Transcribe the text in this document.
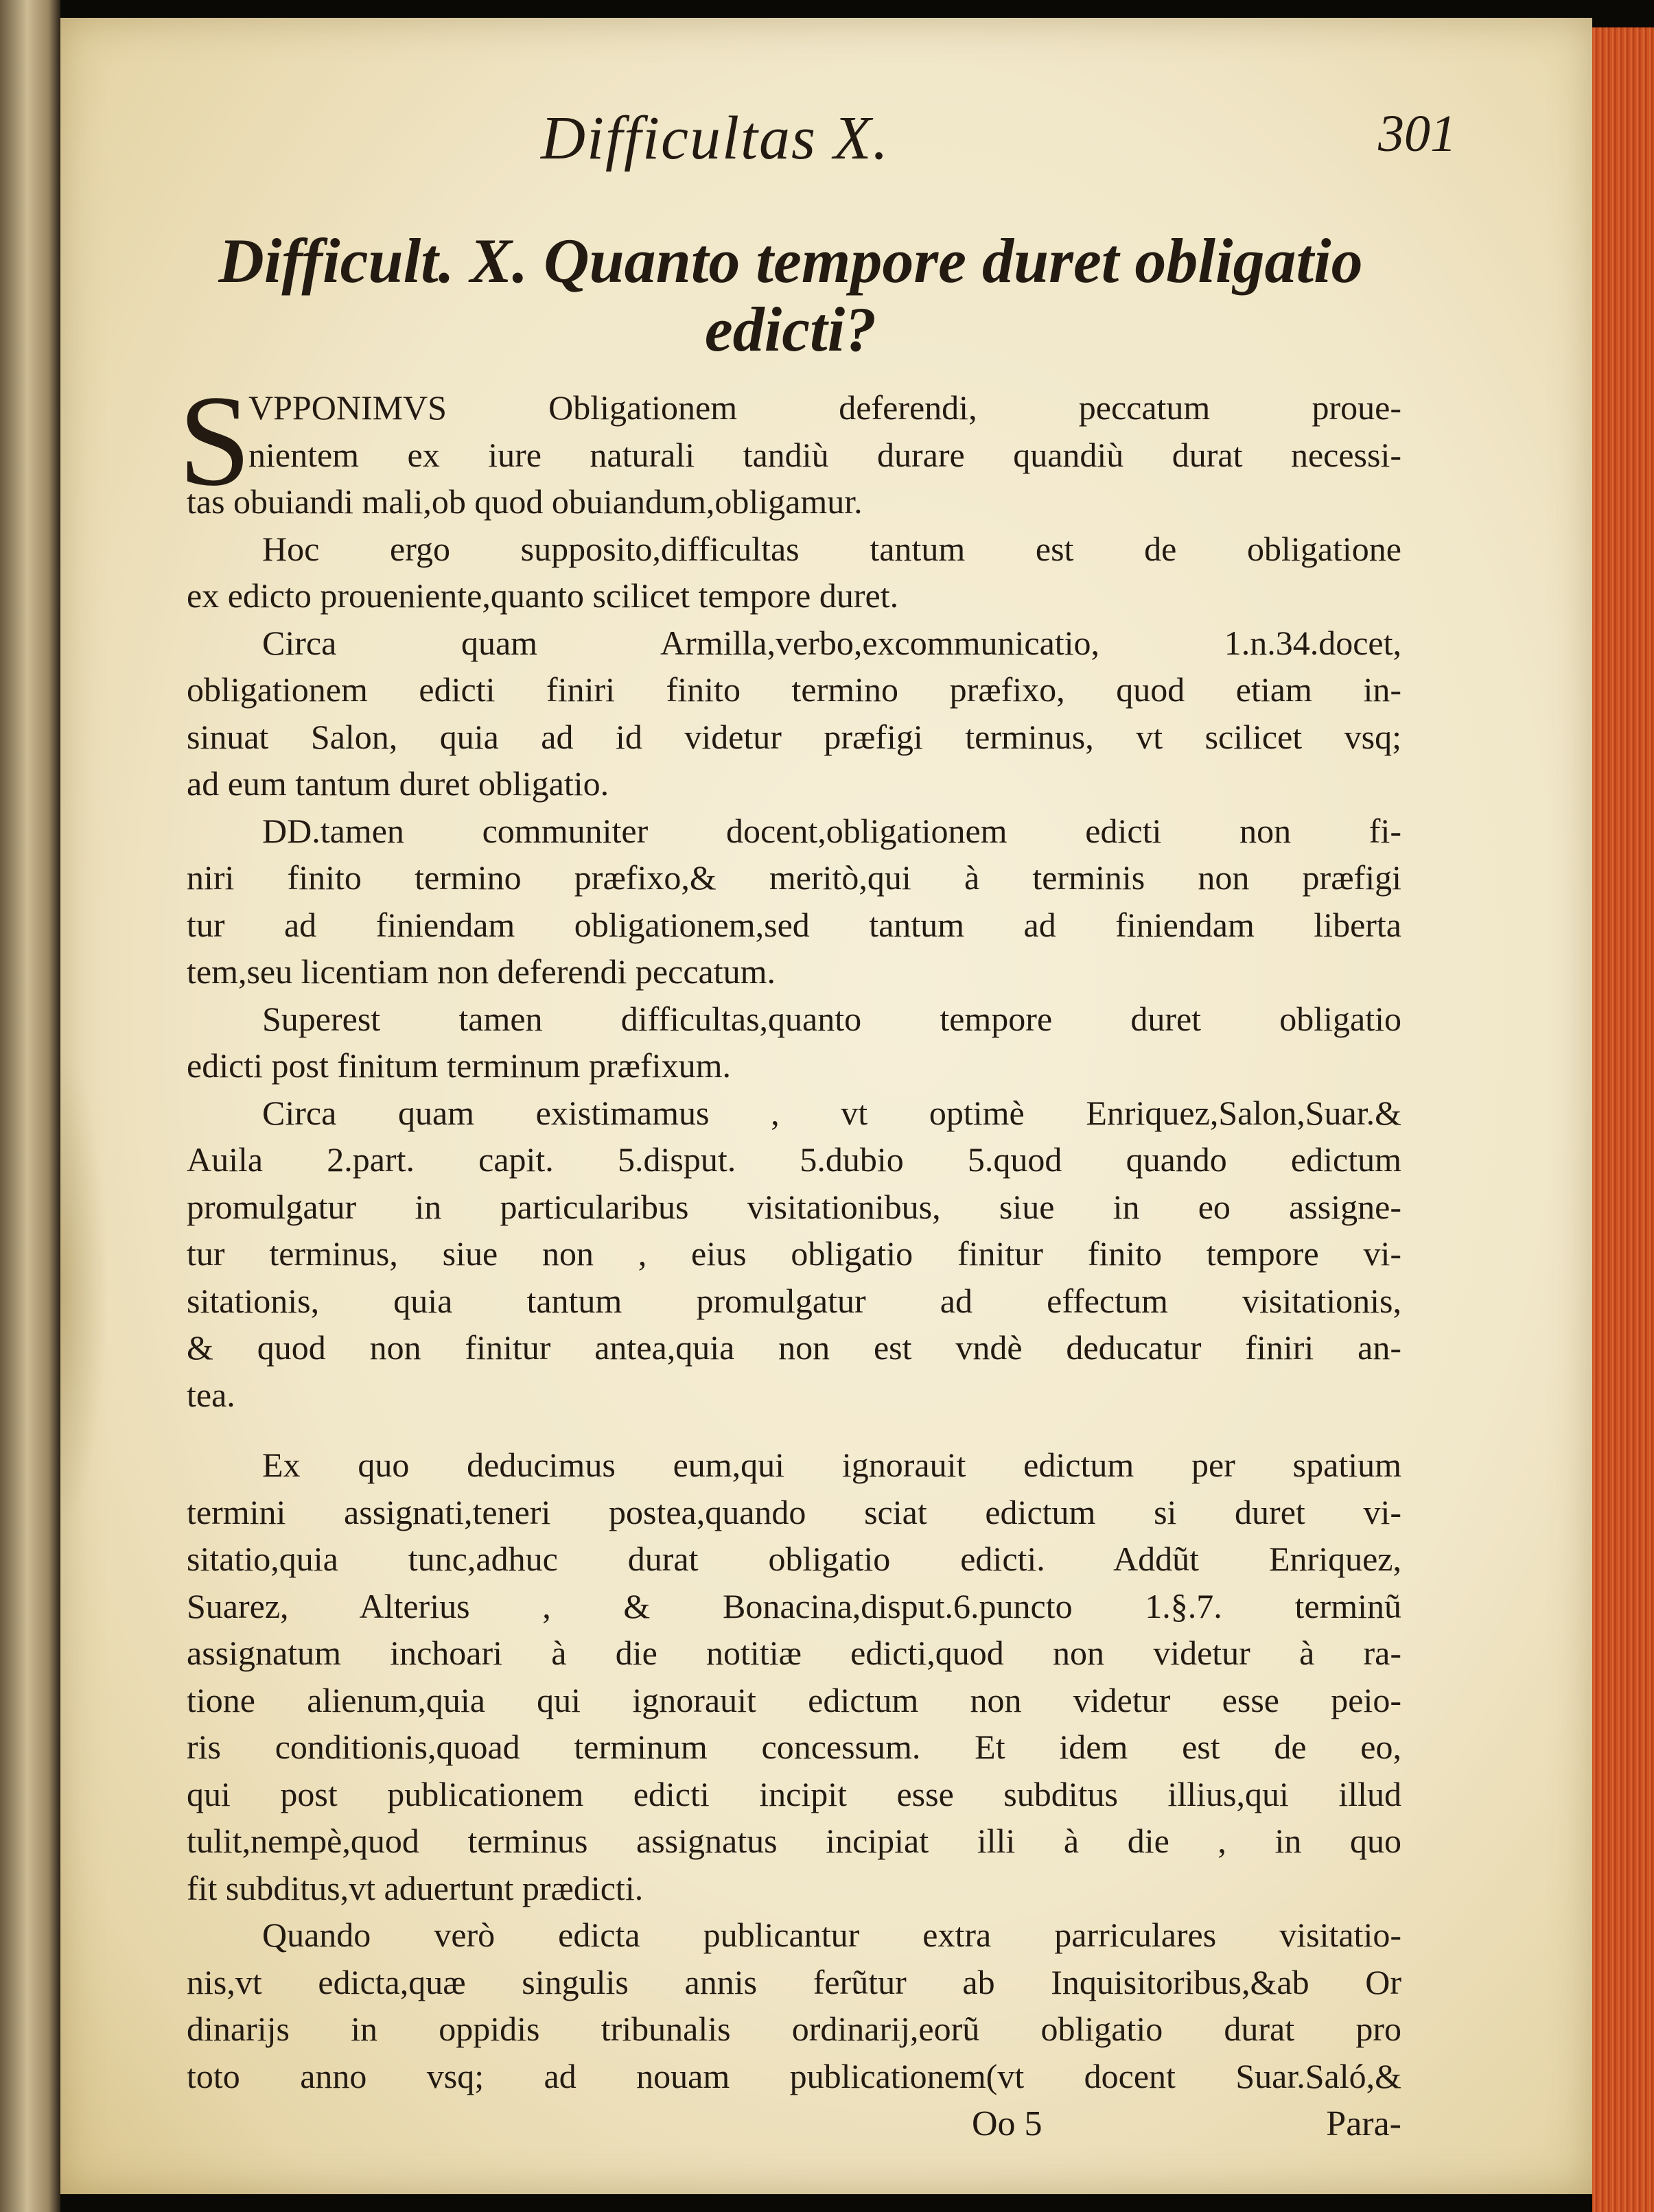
Difficultas X.	301
Difficult. X. Quanto tempore duret obligatio
edicti?

S
VPPONIMVS Obligationem deferendi, peccatum proue-
nientem ex iure naturali tandiù durare quandiù durat necessi-
tas obuiandi mali,ob quod obuiandum,obligamur.

Hoc ergo supposito,difficultas tantum est de obligatione
ex edicto proueniente,quanto scilicet tempore duret.

Circa quam Armilla,verbo,excommunicatio, 1.n.34.docet,
obligationem edicti finiri finito termino præfixo, quod etiam in-
sinuat Salon, quia ad id videtur præfigi terminus, vt scilicet vsq;
ad eum tantum duret obligatio.

DD.tamen communiter docent,obligationem edicti non fi-
niri finito termino præfixo,& meritò,qui à terminis non præfigi
tur ad finiendam obligationem,sed tantum ad finiendam liberta
tem,seu licentiam non deferendi peccatum.

Superest tamen difficultas,quanto tempore duret obligatio
edicti post finitum terminum præfixum.

Circa quam existimamus , vt optimè Enriquez,Salon,Suar.&
Auila 2.part. capit. 5.disput. 5.dubio 5.quod quando edictum
promulgatur in particularibus visitationibus, siue in eo assigne-
tur terminus, siue non , eius obligatio finitur finito tempore vi-
sitationis, quia tantum promulgatur ad effectum visitationis,
& quod non finitur antea,quia non est vndè deducatur finiri an-
tea.

Ex quo deducimus eum,qui ignorauit edictum per spatium
termini assignati,teneri postea,quando sciat edictum si duret vi-
sitatio,quia tunc,adhuc durat obligatio edicti. Addũt Enriquez,
Suarez, Alterius , & Bonacina,disput.6.puncto 1.§.7. terminũ
assignatum inchoari à die notitiæ edicti,quod non videtur à ra-
tione alienum,quia qui ignorauit edictum non videtur esse peio-
ris conditionis,quoad terminum concessum. Et idem est de eo,
qui post publicationem edicti incipit esse subditus illius,qui illud
tulit,nempè,quod terminus assignatus incipiat illi à die , in quo
fit subditus,vt aduertunt prædicti.

Quando verò edicta publicantur extra parriculares visitatio-
nis,vt edicta,quæ singulis annis ferũtur ab Inquisitoribus,&ab Or
dinarijs in oppidis tribunalis ordinarij,eorũ obligatio durat pro
toto anno vsq; ad nouam publicationem(vt docent Suar.Saló,&

Oo 5	Para-
